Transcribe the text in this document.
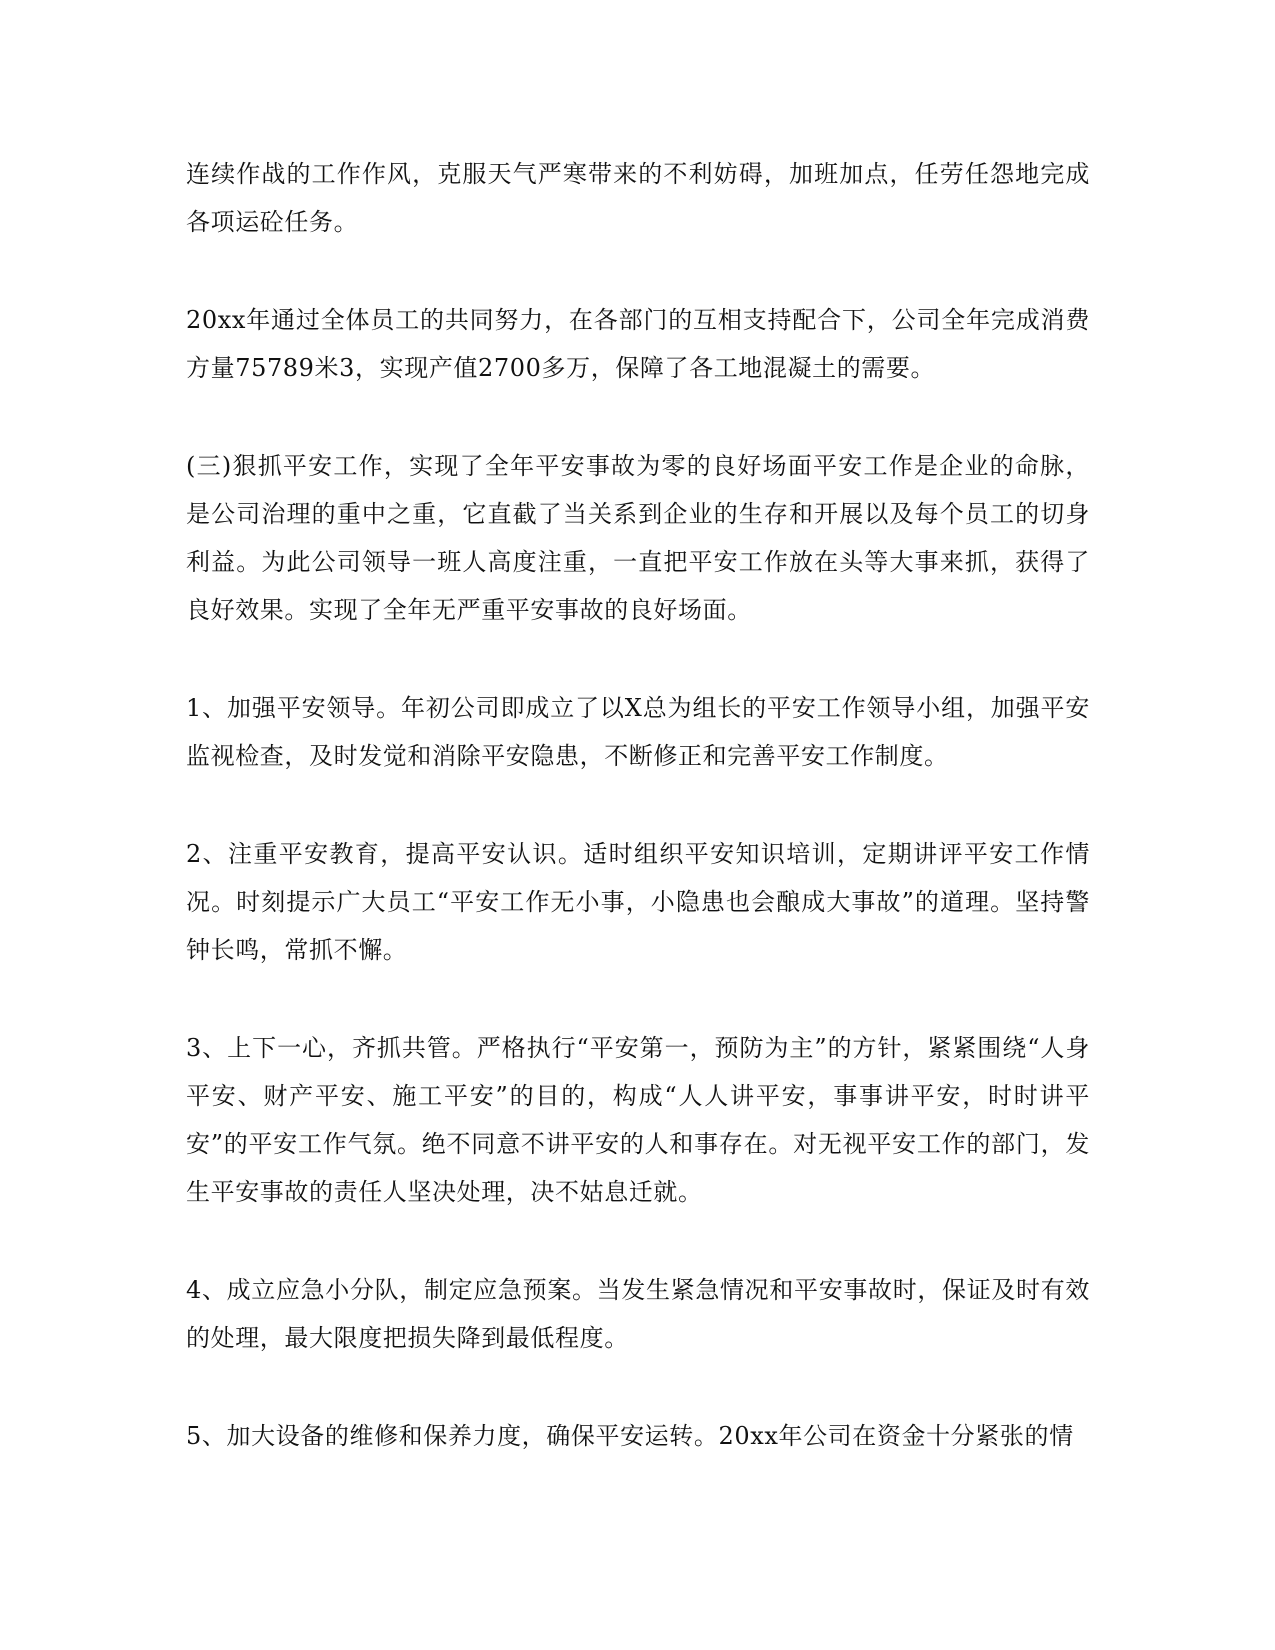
连续作战的工作作风，克服天气严寒带来的不利妨碍，加班加点，任劳任怨地完成各项运砼任务。

20xx年通过全体员工的共同努力，在各部门的互相支持配合下，公司全年完成消费方量75789米3，实现产值2700多万，保障了各工地混凝土的需要。

(三)狠抓平安工作，实现了全年平安事故为零的良好场面平安工作是企业的命脉，是公司治理的重中之重，它直截了当关系到企业的生存和开展以及每个员工的切身利益。为此公司领导一班人高度注重，一直把平安工作放在头等大事来抓，获得了良好效果。实现了全年无严重平安事故的良好场面。

1、加强平安领导。年初公司即成立了以X总为组长的平安工作领导小组，加强平安监视检查，及时发觉和消除平安隐患，不断修正和完善平安工作制度。

2、注重平安教育，提高平安认识。适时组织平安知识培训，定期讲评平安工作情况。时刻提示广大员工“平安工作无小事，小隐患也会酿成大事故”的道理。坚持警钟长鸣，常抓不懈。

3、上下一心，齐抓共管。严格执行“平安第一，预防为主”的方针，紧紧围绕“人身平安、财产平安、施工平安”的目的，构成“人人讲平安，事事讲平安，时时讲平安”的平安工作气氛。绝不同意不讲平安的人和事存在。对无视平安工作的部门，发生平安事故的责任人坚决处理，决不姑息迁就。

4、成立应急小分队，制定应急预案。当发生紧急情况和平安事故时，保证及时有效的处理，最大限度把损失降到最低程度。

5、加大设备的维修和保养力度，确保平安运转。20xx年公司在资金十分紧张的情
